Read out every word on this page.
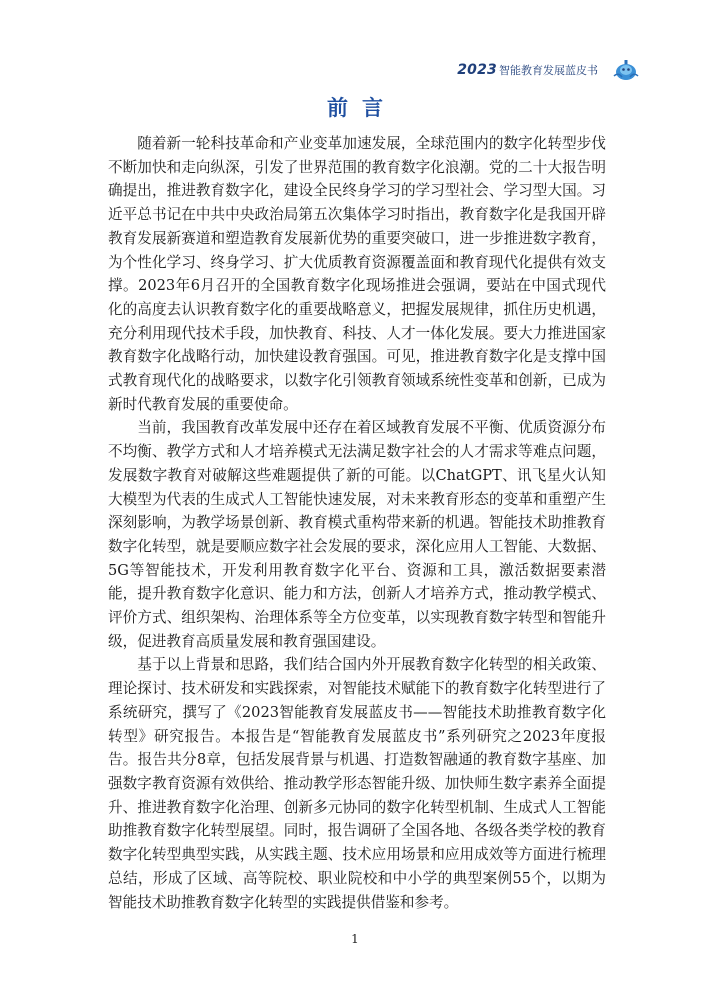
2023 智能教育发展蓝皮书
前言

随着新一轮科技革命和产业变革加速发展，全球范围内的数字化转型步伐不断加快和走向纵深，引发了世界范围的教育数字化浪潮。党的二十大报告明确提出，推进教育数字化，建设全民终身学习的学习型社会、学习型大国。习近平总书记在中共中央政治局第五次集体学习时指出，教育数字化是我国开辟教育发展新赛道和塑造教育发展新优势的重要突破口，进一步推进数字教育，为个性化学习、终身学习、扩大优质教育资源覆盖面和教育现代化提供有效支撑。2023年6月召开的全国教育数字化现场推进会强调，要站在中国式现代化的高度去认识教育数字化的重要战略意义，把握发展规律，抓住历史机遇，充分利用现代技术手段，加快教育、科技、人才一体化发展。要大力推进国家教育数字化战略行动，加快建设教育强国。可见，推进教育数字化是支撑中国式教育现代化的战略要求，以数字化引领教育领域系统性变革和创新，已成为新时代教育发展的重要使命。

当前，我国教育改革发展中还存在着区域教育发展不平衡、优质资源分布不均衡、教学方式和人才培养模式无法满足数字社会的人才需求等难点问题，发展数字教育对破解这些难题提供了新的可能。以ChatGPT、讯飞星火认知大模型为代表的生成式人工智能快速发展，对未来教育形态的变革和重塑产生深刻影响，为教学场景创新、教育模式重构带来新的机遇。智能技术助推教育数字化转型，就是要顺应数字社会发展的要求，深化应用人工智能、大数据、5G等智能技术，开发利用教育数字化平台、资源和工具，激活数据要素潜能，提升教育数字化意识、能力和方法，创新人才培养方式，推动教学模式、评价方式、组织架构、治理体系等全方位变革，以实现教育数字转型和智能升级，促进教育高质量发展和教育强国建设。

基于以上背景和思路，我们结合国内外开展教育数字化转型的相关政策、理论探讨、技术研发和实践探索，对智能技术赋能下的教育数字化转型进行了系统研究，撰写了《2023智能教育发展蓝皮书——智能技术助推教育数字化转型》研究报告。本报告是“智能教育发展蓝皮书”系列研究之2023年度报告。报告共分8章，包括发展背景与机遇、打造数智融通的教育数字基座、加强数字教育资源有效供给、推动教学形态智能升级、加快师生数字素养全面提升、推进教育数字化治理、创新多元协同的数字化转型机制、生成式人工智能助推教育数字化转型展望。同时，报告调研了全国各地、各级各类学校的教育数字化转型典型实践，从实践主题、技术应用场景和应用成效等方面进行梳理总结，形成了区域、高等院校、职业院校和中小学的典型案例55个，以期为智能技术助推教育数字化转型的实践提供借鉴和参考。

1
